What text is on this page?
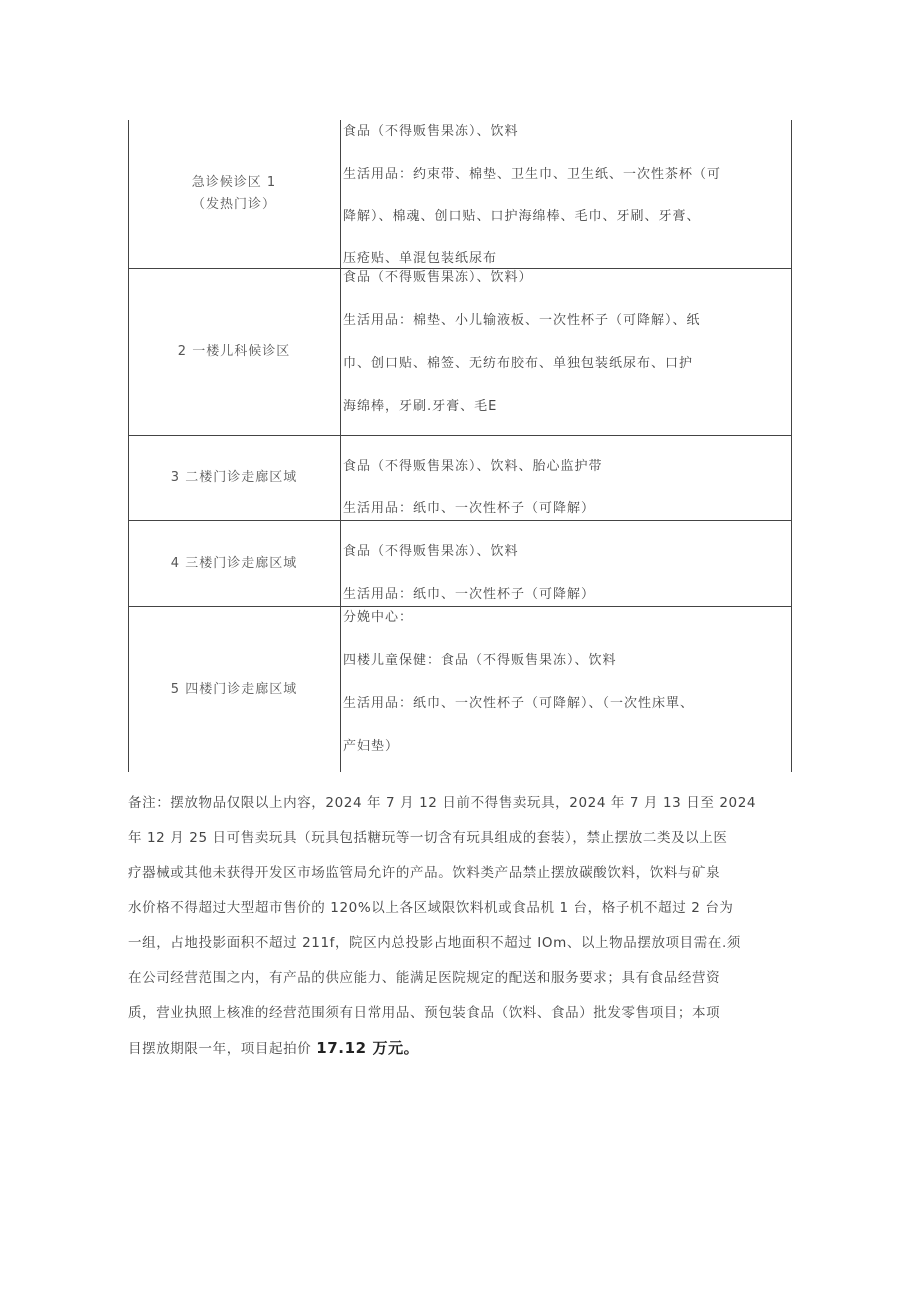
急诊候诊区 1
（发热门诊）
食品（不得贩售果冻）、饮料
生活用品：约束带、棉垫、卫生巾、卫生纸、一次性茶杯（可
降解）、棉魂、创口贴、口护海绵棒、毛巾、牙刷、牙膏、
压疮贴、单混包装纸尿布
2 一楼儿科候诊区
食品（不得贩售果冻）、饮料）
生活用品：棉垫、小儿输液板、一次性杯子（可降解）、纸
巾、创口贴、棉签、无纺布胶布、单独包装纸尿布、口护
海绵棒，牙刷.牙膏、毛E
3 二楼门诊走廊区域
食品（不得贩售果冻）、饮料、胎心监护带
生活用品：纸巾、一次性杯子（可降解）
4 三楼门诊走廊区域
食品（不得贩售果冻）、饮料
生活用品：纸巾、一次性杯子（可降解）
5 四楼门诊走廊区域
分娩中心：
四楼儿童保健：食品（不得贩售果冻）、饮料
生活用品：纸巾、一次性杯子（可降解）、（一次性床單、
产妇垫）

备注：摆放物品仅限以上内容，2024 年 7 月 12 日前不得售卖玩具，2024 年 7 月 13 日至 2024

年 12 月 25 日可售卖玩具（玩具包括糖玩等一切含有玩具组成的套装），禁止摆放二类及以上医

疗器械或其他未获得开发区市场监管局允许的产品。饮料类产品禁止摆放碳酸饮料，饮料与矿泉

水价格不得超过大型超市售价的 120%以上各区域限饮料机或食品机 1 台，格子机不超过 2 台为

一组，占地投影面积不超过 211f，院区内总投影占地面积不超过 IOm、以上物品摆放项目需在.须

在公司经营范围之内，有产品的供应能力、能满足医院规定的配送和服务要求；具有食品经营资

质，营业执照上核准的经营范围须有日常用品、预包装食品（饮料、食品）批发零售项目；本项

目摆放期限一年，项目起拍价 17.12 万元。
